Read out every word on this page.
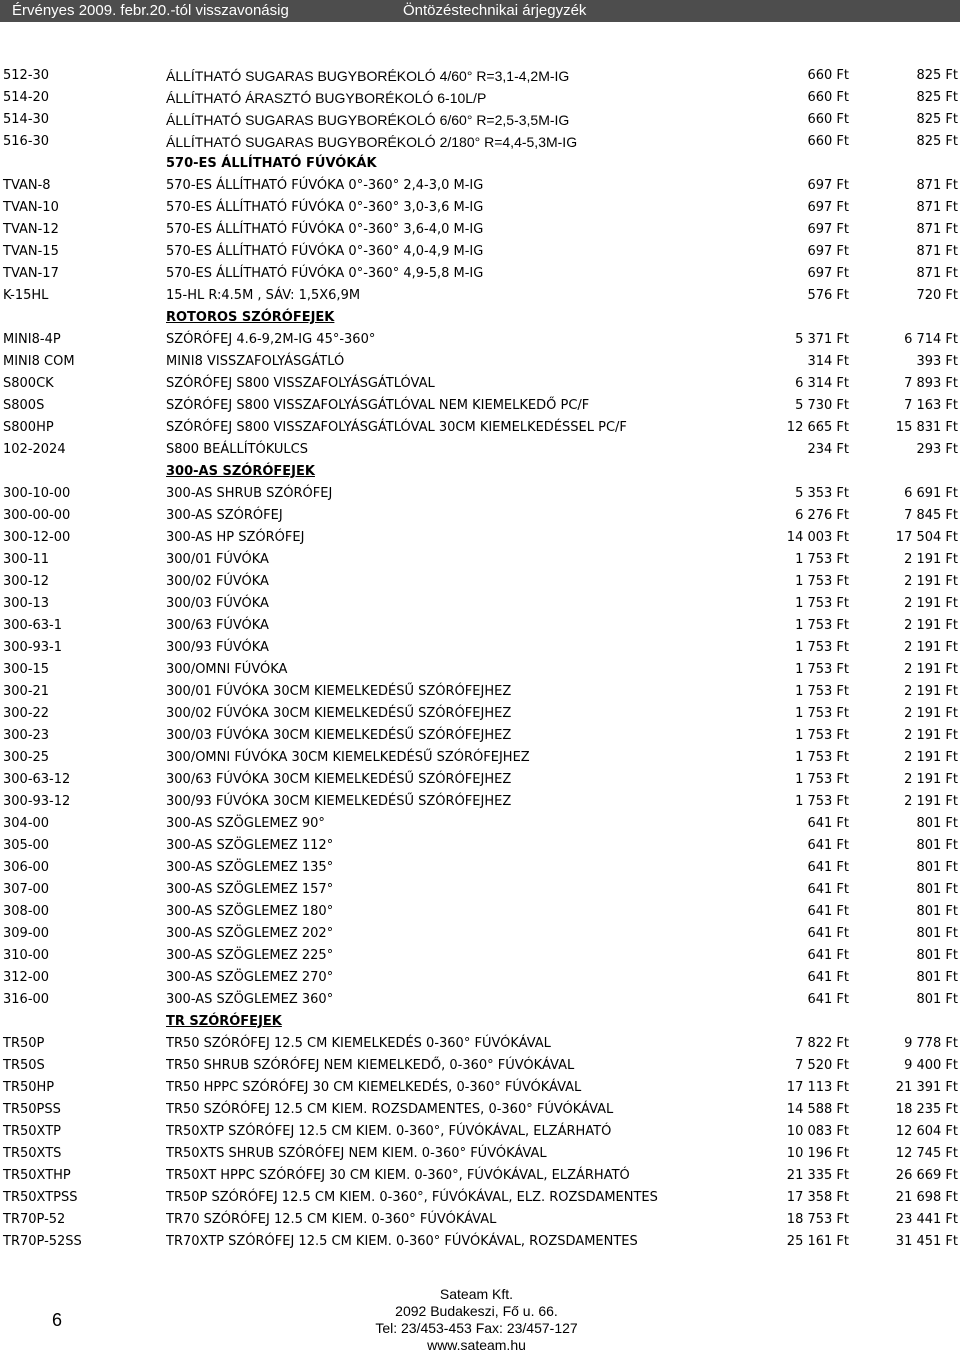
Érvényes 2009. febr.20.-tól visszavonásig	Öntözéstechnikai árjegyzék
512-30	ÁLLÍTHATÓ SUGARAS BUGYBORÉKOLÓ 4/60° R=3,1-4,2M-IG	660 Ft	825 Ft
514-20	ÁLLÍTHATÓ ÁRASZTÓ BUGYBORÉKOLÓ 6-10L/P	660 Ft	825 Ft
514-30	ÁLLÍTHATÓ SUGARAS BUGYBORÉKOLÓ 6/60° R=2,5-3,5M-IG	660 Ft	825 Ft
516-30	ÁLLÍTHATÓ SUGARAS BUGYBORÉKOLÓ 2/180° R=4,4-5,3M-IG	660 Ft	825 Ft
	570-ES ÁLLÍTHATÓ FÚVÓKÁK		
TVAN-8	570-ES ÁLLÍTHATÓ FÚVÓKA 0°-360° 2,4-3,0 M-IG	697 Ft	871 Ft
TVAN-10	570-ES ÁLLÍTHATÓ FÚVÓKA 0°-360° 3,0-3,6 M-IG	697 Ft	871 Ft
TVAN-12	570-ES ÁLLÍTHATÓ FÚVÓKA 0°-360° 3,6-4,0 M-IG	697 Ft	871 Ft
TVAN-15	570-ES ÁLLÍTHATÓ FÚVÓKA 0°-360° 4,0-4,9 M-IG	697 Ft	871 Ft
TVAN-17	570-ES ÁLLÍTHATÓ FÚVÓKA 0°-360° 4,9-5,8 M-IG	697 Ft	871 Ft
K-15HL	15-HL R:4.5M , SÁV: 1,5X6,9M	576 Ft	720 Ft
	ROTOROS SZÓRÓFEJEK		
MINI8-4P	SZÓRÓFEJ 4.6-9,2M-IG 45°-360°	5 371 Ft	6 714 Ft
MINI8 COM	MINI8 VISSZAFOLYÁSGÁTLÓ	314 Ft	393 Ft
S800CK	SZÓRÓFEJ S800 VISSZAFOLYÁSGÁTLÓVAL	6 314 Ft	7 893 Ft
S800S	SZÓRÓFEJ S800 VISSZAFOLYÁSGÁTLÓVAL NEM KIEMELKEDŐ PC/F	5 730 Ft	7 163 Ft
S800HP	SZÓRÓFEJ S800 VISSZAFOLYÁSGÁTLÓVAL 30CM KIEMELKEDÉSSEL PC/F	12 665 Ft	15 831 Ft
102-2024	S800 BEÁLLÍTÓKULCS	234 Ft	293 Ft
	300-AS SZÓRÓFEJEK		
300-10-00	300-AS SHRUB SZÓRÓFEJ	5 353 Ft	6 691 Ft
300-00-00	300-AS SZÓRÓFEJ	6 276 Ft	7 845 Ft
300-12-00	300-AS HP SZÓRÓFEJ	14 003 Ft	17 504 Ft
300-11	300/01 FÚVÓKA	1 753 Ft	2 191 Ft
300-12	300/02 FÚVÓKA	1 753 Ft	2 191 Ft
300-13	300/03 FÚVÓKA	1 753 Ft	2 191 Ft
300-63-1	300/63 FÚVÓKA	1 753 Ft	2 191 Ft
300-93-1	300/93 FÚVÓKA	1 753 Ft	2 191 Ft
300-15	300/OMNI FÚVÓKA	1 753 Ft	2 191 Ft
300-21	300/01 FÚVÓKA 30CM KIEMELKEDÉSŰ SZÓRÓFEJHEZ	1 753 Ft	2 191 Ft
300-22	300/02 FÚVÓKA 30CM KIEMELKEDÉSŰ SZÓRÓFEJHEZ	1 753 Ft	2 191 Ft
300-23	300/03 FÚVÓKA 30CM KIEMELKEDÉSŰ SZÓRÓFEJHEZ	1 753 Ft	2 191 Ft
300-25	300/OMNI FÚVÓKA 30CM KIEMELKEDÉSŰ SZÓRÓFEJHEZ	1 753 Ft	2 191 Ft
300-63-12	300/63 FÚVÓKA 30CM KIEMELKEDÉSŰ SZÓRÓFEJHEZ	1 753 Ft	2 191 Ft
300-93-12	300/93 FÚVÓKA 30CM KIEMELKEDÉSŰ SZÓRÓFEJHEZ	1 753 Ft	2 191 Ft
304-00	300-AS SZÖGLEMEZ 90°	641 Ft	801 Ft
305-00	300-AS SZÖGLEMEZ 112°	641 Ft	801 Ft
306-00	300-AS SZÖGLEMEZ 135°	641 Ft	801 Ft
307-00	300-AS SZÖGLEMEZ 157°	641 Ft	801 Ft
308-00	300-AS SZÖGLEMEZ 180°	641 Ft	801 Ft
309-00	300-AS SZÖGLEMEZ 202°	641 Ft	801 Ft
310-00	300-AS SZÖGLEMEZ 225°	641 Ft	801 Ft
312-00	300-AS SZÖGLEMEZ 270°	641 Ft	801 Ft
316-00	300-AS SZÖGLEMEZ 360°	641 Ft	801 Ft
	TR SZÓRÓFEJEK		
TR50P	TR50 SZÓRÓFEJ 12.5 CM KIEMELKEDÉS 0-360° FÚVÓKÁVAL	7 822 Ft	9 778 Ft
TR50S	TR50 SHRUB SZÓRÓFEJ NEM KIEMELKEDŐ, 0-360° FÚVÓKÁVAL	7 520 Ft	9 400 Ft
TR50HP	TR50 HPPC SZÓRÓFEJ 30 CM KIEMELKEDÉS, 0-360° FÚVÓKÁVAL	17 113 Ft	21 391 Ft
TR50PSS	TR50 SZÓRÓFEJ 12.5 CM KIEM. ROZSDAMENTES, 0-360° FÚVÓKÁVAL	14 588 Ft	18 235 Ft
TR50XTP	TR50XTP SZÓRÓFEJ 12.5 CM KIEM. 0-360°, FÚVÓKÁVAL, ELZÁRHATÓ	10 083 Ft	12 604 Ft
TR50XTS	TR50XTS SHRUB SZÓRÓFEJ NEM KIEM. 0-360° FÚVÓKÁVAL	10 196 Ft	12 745 Ft
TR50XTHP	TR50XT HPPC SZÓRÓFEJ 30 CM KIEM. 0-360°, FÚVÓKÁVAL, ELZÁRHATÓ	21 335 Ft	26 669 Ft
TR50XTPSS	TR50P SZÓRÓFEJ 12.5 CM KIEM. 0-360°, FÚVÓKÁVAL, ELZ. ROZSDAMENTES	17 358 Ft	21 698 Ft
TR70P-52	TR70 SZÓRÓFEJ 12.5 CM KIEM. 0-360° FÚVÓKÁVAL	18 753 Ft	23 441 Ft
TR70P-52SS	TR70XTP SZÓRÓFEJ 12.5 CM KIEM. 0-360° FÚVÓKÁVAL, ROZSDAMENTES	25 161 Ft	31 451 Ft
6
Sateam Kft.
2092 Budakeszi, Fő u. 66.
Tel: 23/453-453 Fax: 23/457-127
www.sateam.hu
